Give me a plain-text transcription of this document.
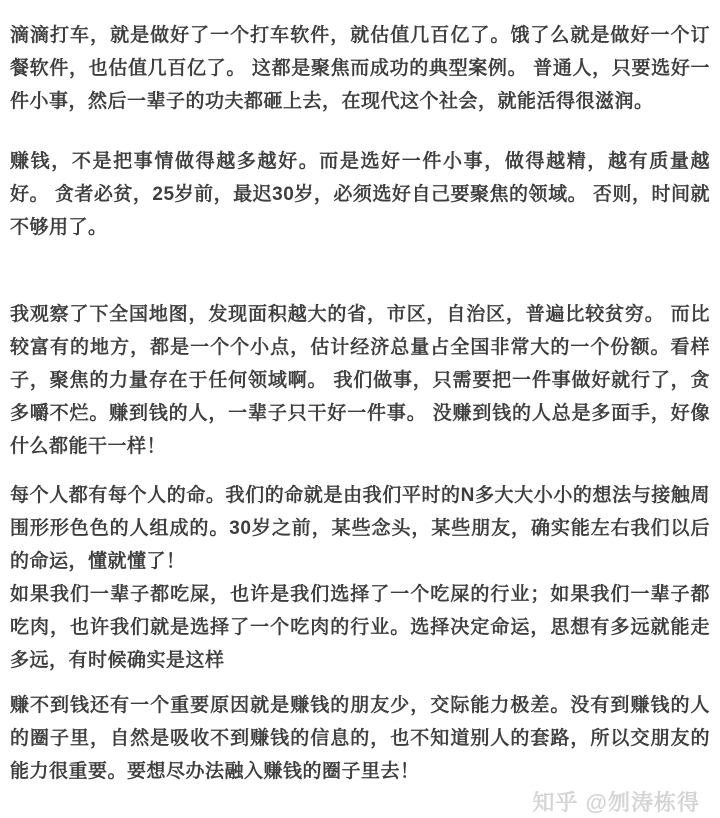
滴滴打车，就是做好了一个打车软件，就估值几百亿了。饿了么就是做好一个订餐软件，也估值几百亿了。 这都是聚焦而成功的典型案例。 普通人，只要选好一件小事，然后一辈子的功夫都砸上去，在现代这个社会，就能活得很滋润。

赚钱，不是把事情做得越多越好。而是选好一件小事，做得越精，越有质量越好。 贪者必贫，25岁前，最迟30岁，必须选好自己要聚焦的领域。 否则，时间就不够用了。

我观察了下全国地图，发现面积越大的省，市区，自治区，普遍比较贫穷。 而比较富有的地方，都是一个个小点，估计经济总量占全国非常大的一个份额。看样子，聚焦的力量存在于任何领域啊。 我们做事，只需要把一件事做好就行了，贪多嚼不烂。赚到钱的人，一辈子只干好一件事。 没赚到钱的人总是多面手，好像什么都能干一样！

每个人都有每个人的命。我们的命就是由我们平时的N多大大小小的想法与接触周围形形色色的人组成的。30岁之前，某些念头，某些朋友，确实能左右我们以后的命运，懂就懂了！

如果我们一辈子都吃屎，也许是我们选择了一个吃屎的行业；如果我们一辈子都吃肉，也许我们就是选择了一个吃肉的行业。选择决定命运，思想有多远就能走多远，有时候确实是这样

赚不到钱还有一个重要原因就是赚钱的朋友少，交际能力极差。没有到赚钱的人的圈子里，自然是吸收不到赚钱的信息的，也不知道别人的套路，所以交朋友的能力很重要。要想尽办法融入赚钱的圈子里去！

知乎 @刎涛栋得
